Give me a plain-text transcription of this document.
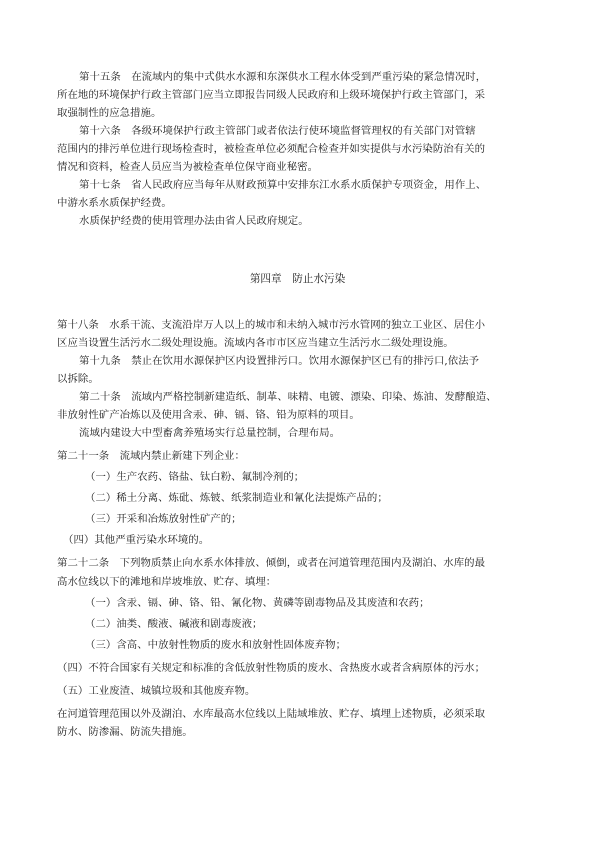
第十五条　在流域内的集中式供水水源和东深供水工程水体受到严重污染的紧急情况时，
所在地的环境保护行政主管部门应当立即报告同级人民政府和上级环境保护行政主管部门，采
取强制性的应急措施。
第十六条　各级环境保护行政主管部门或者依法行使环境监督管理权的有关部门对管辖
范围内的排污单位进行现场检查时，被检查单位必须配合检查并如实提供与水污染防治有关的
情况和资料，检查人员应当为被检查单位保守商业秘密。
第十七条　省人民政府应当每年从财政预算中安排东江水系水质保护专项资金，用作上、
中游水系水质保护经费。
水质保护经费的使用管理办法由省人民政府规定。
第四章　防止水污染
第十八条　水系干流、支流沿岸万人以上的城市和未纳入城市污水管网的独立工业区、居住小
区应当设置生活污水二级处理设施。流域内各市市区应当建立生活污水二级处理设施。
第十九条　禁止在饮用水源保护区内设置排污口。饮用水源保护区已有的排污口,依法予
以拆除。
第二十条　流域内严格控制新建造纸、制革、味精、电镀、漂染、印染、炼油、发酵酿造、
非放射性矿产冶炼以及使用含汞、砷、镉、铬、铅为原料的项目。
流域内建设大中型畜禽养殖场实行总量控制，合理布局。
第二十一条　流域内禁止新建下列企业：
（一）生产农药、铬盐、钛白粉、氟制冷剂的；
（二）稀土分离、炼砒、炼铍、纸浆制造业和氰化法提炼产品的；
（三）开采和冶炼放射性矿产的；
（四）其他严重污染水环境的。
第二十二条　下列物质禁止向水系水体排放、倾倒，或者在河道管理范围内及湖泊、水库的最
高水位线以下的滩地和岸坡堆放、贮存、填埋：
（一）含汞、镉、砷、铬、铅、氰化物、黄磷等剧毒物品及其废渣和农药；
（二）油类、酸液、碱液和剧毒废液；
（三）含高、中放射性物质的废水和放射性固体废弃物；
（四）不符合国家有关规定和标准的含低放射性物质的废水、含热废水或者含病原体的污水；
（五）工业废渣、城镇垃圾和其他废弃物。
在河道管理范围以外及湖泊、水库最高水位线以上陆域堆放、贮存、填埋上述物质，必须采取
防水、防渗漏、防流失措施。
